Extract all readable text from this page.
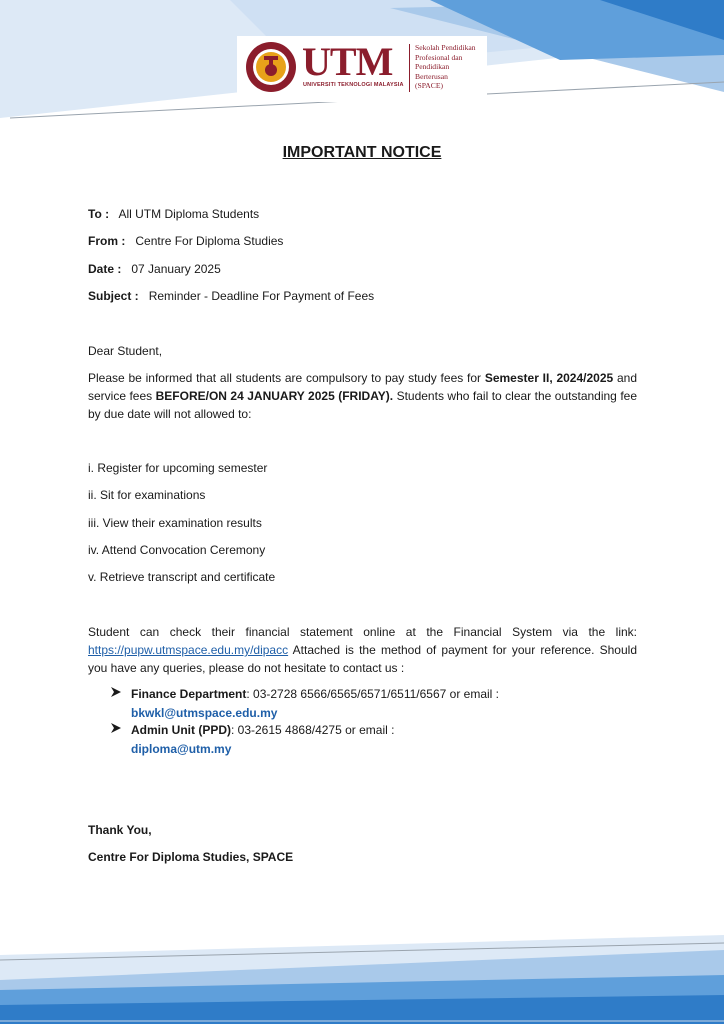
UTM
UNIVERSITI TEKNOLOGI MALAYSIA
Sekolah Pendidikan
Profesional dan
Pendidikan
Berterusan
(SPACE)
IMPORTANT NOTICE
To : All UTM Diploma Students
From : Centre For Diploma Studies
Date : 07 January 2025
Subject : Reminder - Deadline For Payment of Fees

Dear Student,

Please be informed that all students are compulsory to pay study fees for Semester II, 2024/2025 and service fees BEFORE/ON 24 JANUARY 2025 (FRIDAY). Students who fail to clear the outstanding fee by due date will not allowed to:

i. Register for upcoming semester

ii. Sit for examinations

iii. View their examination results

iv. Attend Convocation Ceremony

v. Retrieve transcript and certificate

Student can check their financial statement online at the Financial System via the link: https://pupw.utmspace.edu.my/dipacc Attached is the method of payment for your reference. Should you have any queries, please do not hesitate to contact us :

Finance Department: 03-2728 6566/6565/6571/6511/6567 or email :
bkwkl@utmspace.edu.my
Admin Unit (PPD): 03-2615 4868/4275 or email :
diploma@utm.my

Thank You,

Centre For Diploma Studies, SPACE
